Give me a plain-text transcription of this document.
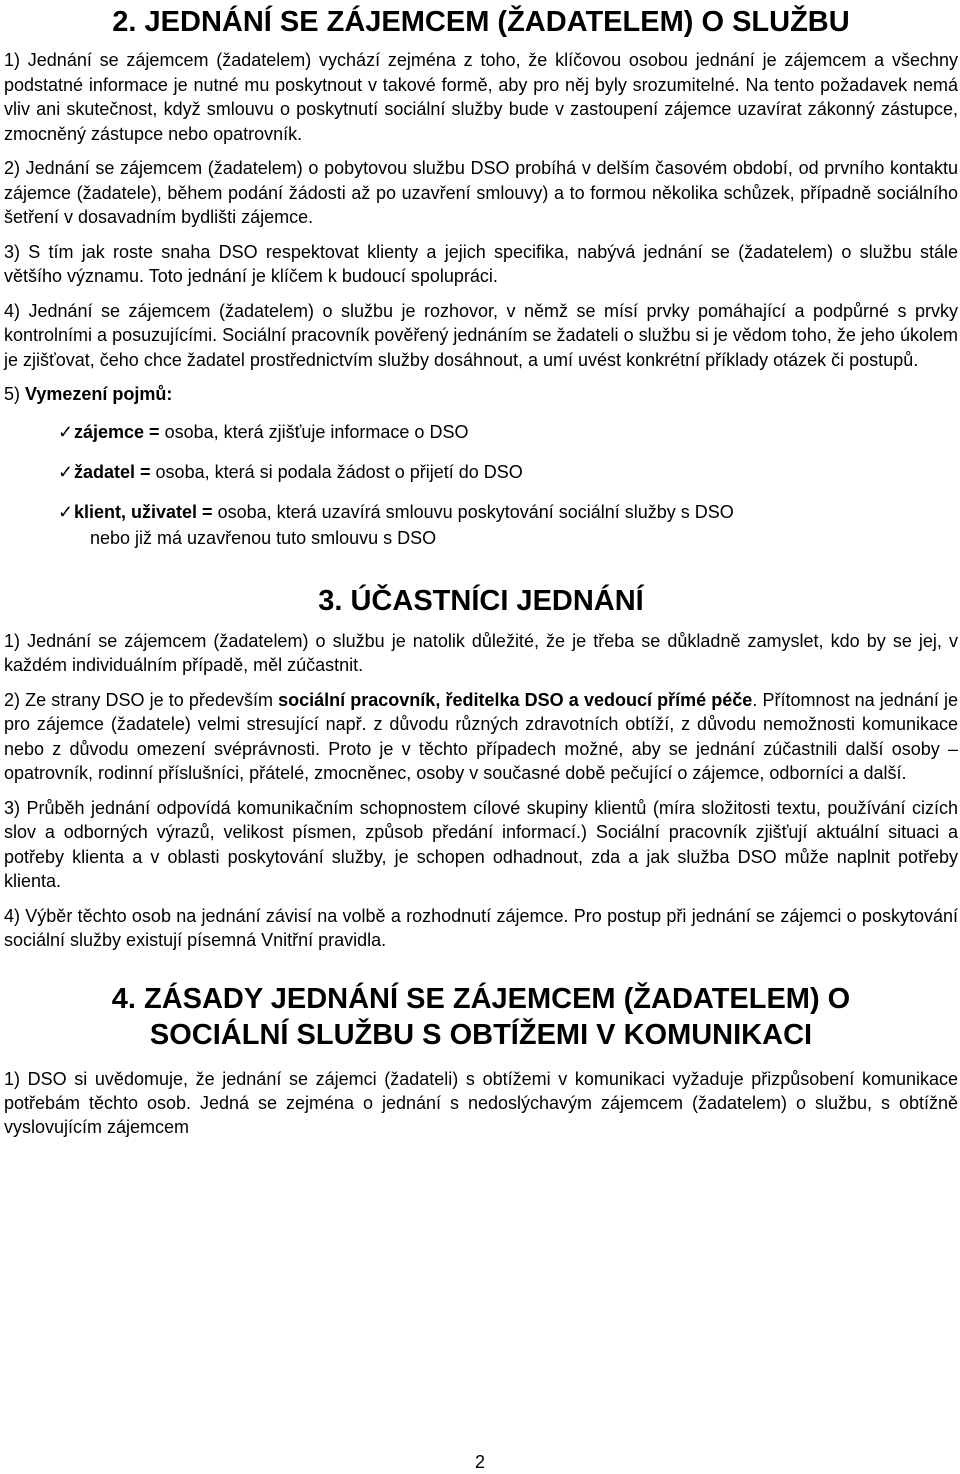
2. JEDNÁNÍ SE ZÁJEMCEM (ŽADATELEM) O SLUŽBU

1) Jednání se zájemcem (žadatelem) vychází zejména z toho, že klíčovou osobou jednání je zájemcem a všechny podstatné informace je nutné mu poskytnout v takové formě, aby pro něj byly srozumitelné. Na tento požadavek nemá vliv ani skutečnost, když smlouvu o poskytnutí sociální služby bude v zastoupení zájemce uzavírat zákonný zástupce, zmocněný zástupce nebo opatrovník.

2) Jednání se zájemcem (žadatelem) o pobytovou službu DSO probíhá v delším časovém období, od prvního kontaktu zájemce (žadatele), během podání žádosti až po uzavření smlouvy) a to formou několika schůzek, případně sociálního šetření v dosavadním bydlišti zájemce.

3) S tím jak roste snaha DSO respektovat klienty a jejich specifika, nabývá jednání se (žadatelem) o službu stále většího významu. Toto jednání je klíčem k budoucí spolupráci.

4) Jednání se zájemcem (žadatelem) o službu je rozhovor, v němž se mísí prvky pomáhající a podpůrné s prvky kontrolními a posuzujícími. Sociální pracovník pověřený jednáním se žadateli o službu si je vědom toho, že jeho úkolem je zjišťovat, čeho chce žadatel prostřednictvím služby dosáhnout, a umí uvést konkrétní příklady otázek či postupů.

5) Vymezení pojmů:

✓ zájemce = osoba, která zjišťuje informace o DSO
✓ žadatel = osoba, která si podala žádost o přijetí do DSO
✓ klient, uživatel = osoba, která uzavírá smlouvu poskytování sociální služby s DSO
nebo již má uzavřenou tuto smlouvu s DSO
3. ÚČASTNÍCI JEDNÁNÍ

1) Jednání se zájemcem (žadatelem) o službu je natolik důležité, že je třeba se důkladně zamyslet, kdo by se jej, v každém individuálním případě, měl zúčastnit.

2) Ze strany DSO je to především sociální pracovník, ředitelka DSO a vedoucí přímé péče. Přítomnost na jednání je pro zájemce (žadatele) velmi stresující např. z důvodu různých zdravotních obtíží, z důvodu nemožnosti komunikace nebo z důvodu omezení svéprávnosti. Proto je v těchto případech možné, aby se jednání zúčastnili další osoby – opatrovník, rodinní příslušníci, přátelé, zmocněnec, osoby v současné době pečující o zájemce, odborníci a další.

3) Průběh jednání odpovídá komunikačním schopnostem cílové skupiny klientů (míra složitosti textu, používání cizích slov a odborných výrazů, velikost písmen, způsob předání informací.) Sociální pracovník zjišťují aktuální situaci a potřeby klienta a v oblasti poskytování služby, je schopen odhadnout, zda a jak služba DSO může naplnit potřeby klienta.

4) Výběr těchto osob na jednání závisí na volbě a rozhodnutí zájemce. Pro postup při jednání se zájemci o poskytování sociální služby existují písemná Vnitřní pravidla.

4. ZÁSADY JEDNÁNÍ SE ZÁJEMCEM (ŽADATELEM) O
SOCIÁLNÍ SLUŽBU S OBTÍŽEMI V KOMUNIKACI

1) DSO si uvědomuje, že jednání se zájemci (žadateli) s obtížemi v komunikaci vyžaduje přizpůsobení komunikace potřebám těchto osob. Jedná se zejména o jednání s nedoslýchavým zájemcem (žadatelem) o službu, s obtížně vyslovujícím zájemcem

2
